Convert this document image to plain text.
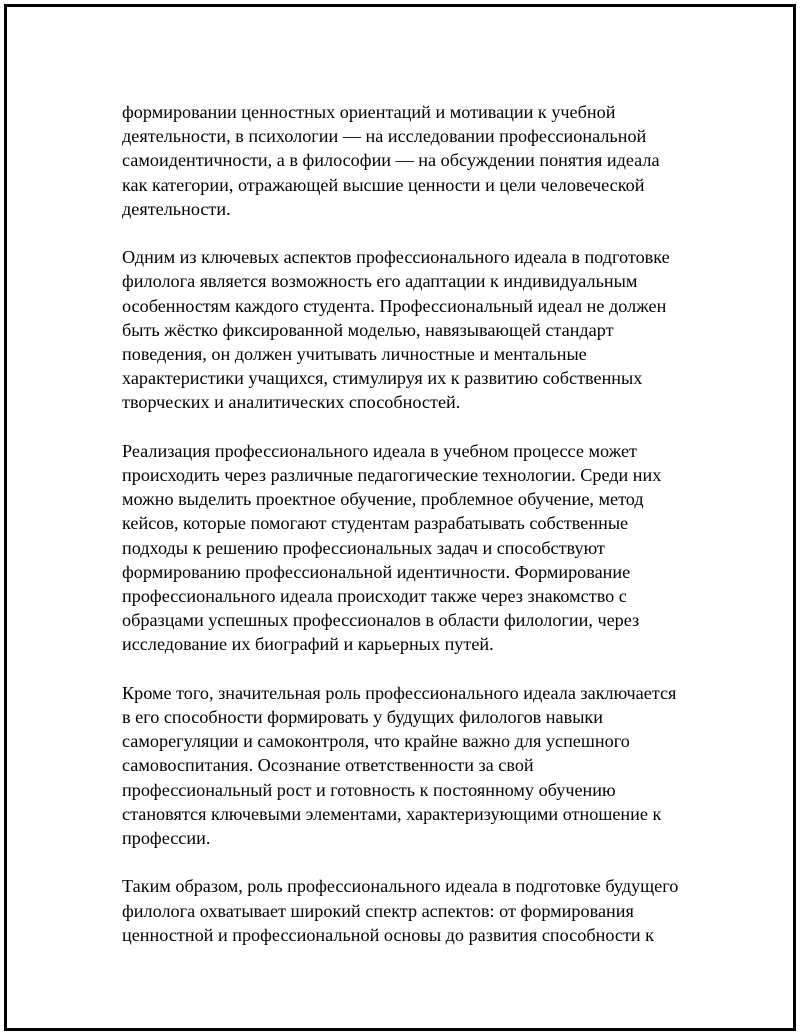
формировании ценностных ориентаций и мотивации к учебной
деятельности, в психологии — на исследовании профессиональной
самоидентичности, а в философии — на обсуждении понятия идеала
как категории, отражающей высшие ценности и цели человеческой
деятельности.

Одним из ключевых аспектов профессионального идеала в подготовке
филолога является возможность его адаптации к индивидуальным
особенностям каждого студента. Профессиональный идеал не должен
быть жёстко фиксированной моделью, навязывающей стандарт
поведения, он должен учитывать личностные и ментальные
характеристики учащихся, стимулируя их к развитию собственных
творческих и аналитических способностей.

Реализация профессионального идеала в учебном процессе может
происходить через различные педагогические технологии. Среди них
можно выделить проектное обучение, проблемное обучение, метод
кейсов, которые помогают студентам разрабатывать собственные
подходы к решению профессиональных задач и способствуют
формированию профессиональной идентичности. Формирование
профессионального идеала происходит также через знакомство с
образцами успешных профессионалов в области филологии, через
исследование их биографий и карьерных путей.

Кроме того, значительная роль профессионального идеала заключается
в его способности формировать у будущих филологов навыки
саморегуляции и самоконтроля, что крайне важно для успешного
самовоспитания. Осознание ответственности за свой
профессиональный рост и готовность к постоянному обучению
становятся ключевыми элементами, характеризующими отношение к
профессии.

Таким образом, роль профессионального идеала в подготовке будущего
филолога охватывает широкий спектр аспектов: от формирования
ценностной и профессиональной основы до развития способности к
